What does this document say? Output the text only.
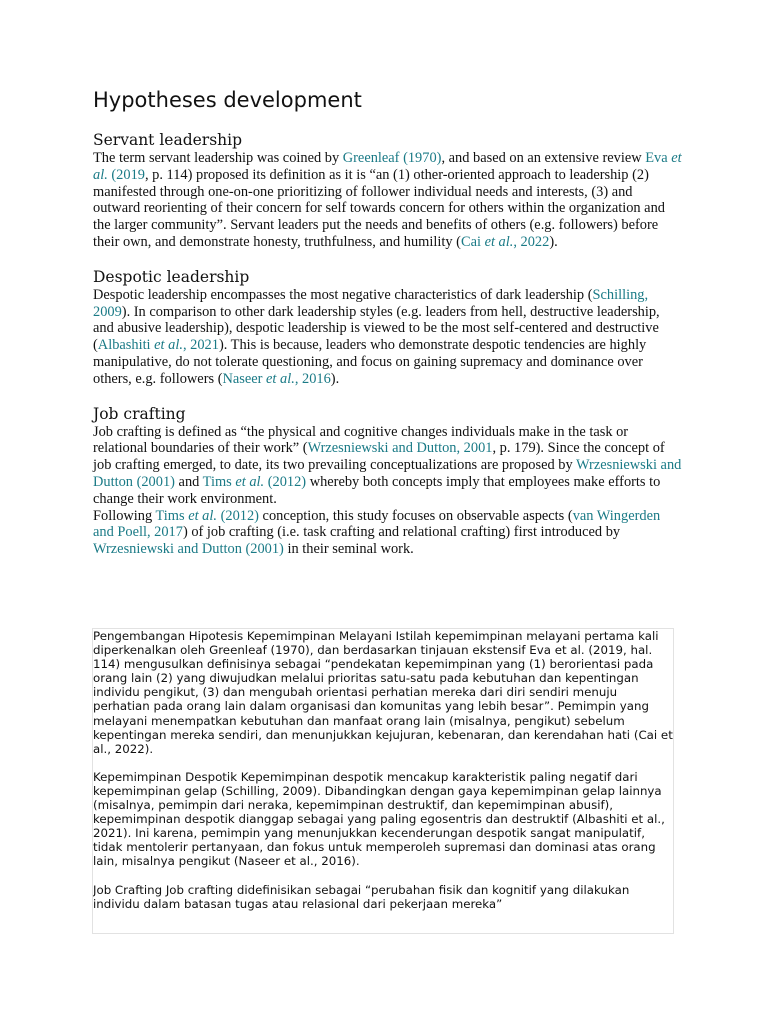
Hypotheses development
Servant leadership

The term servant leadership was coined by Greenleaf (1970), and based on an extensive review Eva et al. (2019, p. 114) proposed its definition as it is “an (1) other-oriented approach to leadership (2) manifested through one-on-one prioritizing of follower individual needs and interests, (3) and outward reorienting of their concern for self towards concern for others within the organization and the larger community”. Servant leaders put the needs and benefits of others (e.g. followers) before their own, and demonstrate honesty, truthfulness, and humility (Cai et al., 2022).

Despotic leadership

Despotic leadership encompasses the most negative characteristics of dark leadership (Schilling, 2009). In comparison to other dark leadership styles (e.g. leaders from hell, destructive leadership, and abusive leadership), despotic leadership is viewed to be the most self-centered and destructive (Albashiti et al., 2021). This is because, leaders who demonstrate despotic tendencies are highly manipulative, do not tolerate questioning, and focus on gaining supremacy and dominance over others, e.g. followers (Naseer et al., 2016).

Job crafting

Job crafting is defined as “the physical and cognitive changes individuals make in the task or relational boundaries of their work” (Wrzesniewski and Dutton, 2001, p. 179). Since the concept of job crafting emerged, to date, its two prevailing conceptualizations are proposed by Wrzesniewski and Dutton (2001) and Tims et al. (2012) whereby both concepts imply that employees make efforts to change their work environment.

Following Tims et al. (2012) conception, this study focuses on observable aspects (van Wingerden and Poell, 2017) of job crafting (i.e. task crafting and relational crafting) first introduced by Wrzesniewski and Dutton (2001) in their seminal work.

Pengembangan Hipotesis Kepemimpinan Melayani Istilah kepemimpinan melayani pertama kali diperkenalkan oleh Greenleaf (1970), dan berdasarkan tinjauan ekstensif Eva et al. (2019, hal. 114) mengusulkan definisinya sebagai “pendekatan kepemimpinan yang (1) berorientasi pada orang lain (2) yang diwujudkan melalui prioritas satu-satu pada kebutuhan dan kepentingan individu pengikut, (3) dan mengubah orientasi perhatian mereka dari diri sendiri menuju perhatian pada orang lain dalam organisasi dan komunitas yang lebih besar”. Pemimpin yang melayani menempatkan kebutuhan dan manfaat orang lain (misalnya, pengikut) sebelum kepentingan mereka sendiri, dan menunjukkan kejujuran, kebenaran, dan kerendahan hati (Cai et al., 2022).

Kepemimpinan Despotik Kepemimpinan despotik mencakup karakteristik paling negatif dari kepemimpinan gelap (Schilling, 2009). Dibandingkan dengan gaya kepemimpinan gelap lainnya (misalnya, pemimpin dari neraka, kepemimpinan destruktif, dan kepemimpinan abusif), kepemimpinan despotik dianggap sebagai yang paling egosentris dan destruktif (Albashiti et al., 2021). Ini karena, pemimpin yang menunjukkan kecenderungan despotik sangat manipulatif, tidak mentolerir pertanyaan, dan fokus untuk memperoleh supremasi dan dominasi atas orang lain, misalnya pengikut (Naseer et al., 2016).

Job Crafting Job crafting didefinisikan sebagai “perubahan fisik dan kognitif yang dilakukan individu dalam batasan tugas atau relasional dari pekerjaan mereka”
